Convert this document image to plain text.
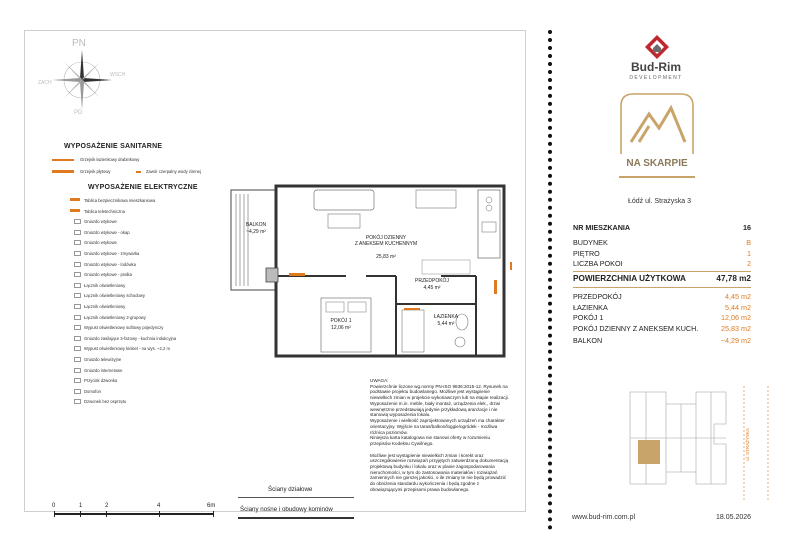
PN
PD
WSCH
ZACH
WYPOSAŻENIE SANITARNE
Grzejnik łazienkowy drabinkowy
Grzejnik płytowy	Zawór czerpalny wody zimnej
WYPOSAŻENIE ELEKTRYCZNE
Tablica bezpiecznikowa mieszkaniowa
Tablica teletechniczna
Gniazdo wtykowe
Gniazdo wtykowe - okap
Gniazdo wtykowe
Gniazdo wtykowe - zmywarka
Gniazdo wtykowe - lodówka
Gniazdo wtykowe - pralka
Łącznik oświetleniowy
Łącznik oświetleniowy schodowy
Łącznik oświetleniowy
Łącznik oświetleniowy 2-grupowy
Wypust oświetleniowy sufitowy pojedynczy
Gniazdo zasilające 3-fazowy - kuchnia indukcyjna
Wypust oświetleniowy kinkiet - na wys. ~2,2 m
Gniazdo telewizyjne
Gniazdo internetowe
Przycisk dzwonka
Domofon
Dzwonek bez osprzętu
BALKON
~4,29 m²

POKÓJ DZIENNY
Z ANEKSEM KUCHENNYM

25,83 m²

PRZEDPOKÓJ
4,45 m²
POKÓJ 1
12,06 m²
ŁAZIENKA
5,44 m²
UWAGA:
Powierzchnie liczone wg.normy PN-ISO 9836:2015-12. Rysunek na
podstawie projektu budowlanego. Możliwe jest wystąpienie
niewielkich zmian w projekcie wykonawczym lub na etapie realizacji.
Wyposażenie m.in. meble, biały montaż, urządzenia elek., drzwi
wewnętrzne przedstawiają jedynie przykładową aranżacje i nie
stanowią wyposażenia lokalu.
Wyposażenie i wielkość zaprojektowanych urządzeń ma charakter
orientacyjny. Wyjście na taras/balkon/loggie/ogródek - możliwa
różnica poziomów.
Niniejsza karta katalogowa nie stanowi oferty w rozumieniu
przepisów Kodeksu Cywilnego.
Możliwe jest wystąpienie niewielkich zmian i korekt oraz
uszczegółowienie rozwiązań przyjętych zatwierdzoną dokumentacją
projektową budynku i lokalu oraz w planie zagospodarowania
nieruchomości, w tym do zastosowania materiałów i rozwiązań
zamiennych nie gorszej jakości, o ile zmiany te nie będą prowadzić
do obniżenia standardu wykończenia i będą zgodne z
obowiązującymi przepisami prawa budowlanego.
Ściany działowe
Ściany nośne i obudowy kominów
0	1	2	4	6m
Bud-Rim
DEVELOPMENT
NA SKARPIE
Łódź ul. Strażyska 3
NR MIESZKANIA	16
BUDYNEK	B
PIĘTRO	1
LICZBA POKOI	2
POWIERZCHNIA UŻYTKOWA	47,78 m2
PRZEDPOKÓJ	4,45 m2
ŁAZIENKA	5,44 m2
POKÓJ 1	12,06 m2
POKÓJ DZIENNY Z ANEKSEM KUCH.	25,83 m2
BALKON	~4,29 m2
ul. STRAŻYSKA
www.bud-rim.com.pl	18.05.2026
